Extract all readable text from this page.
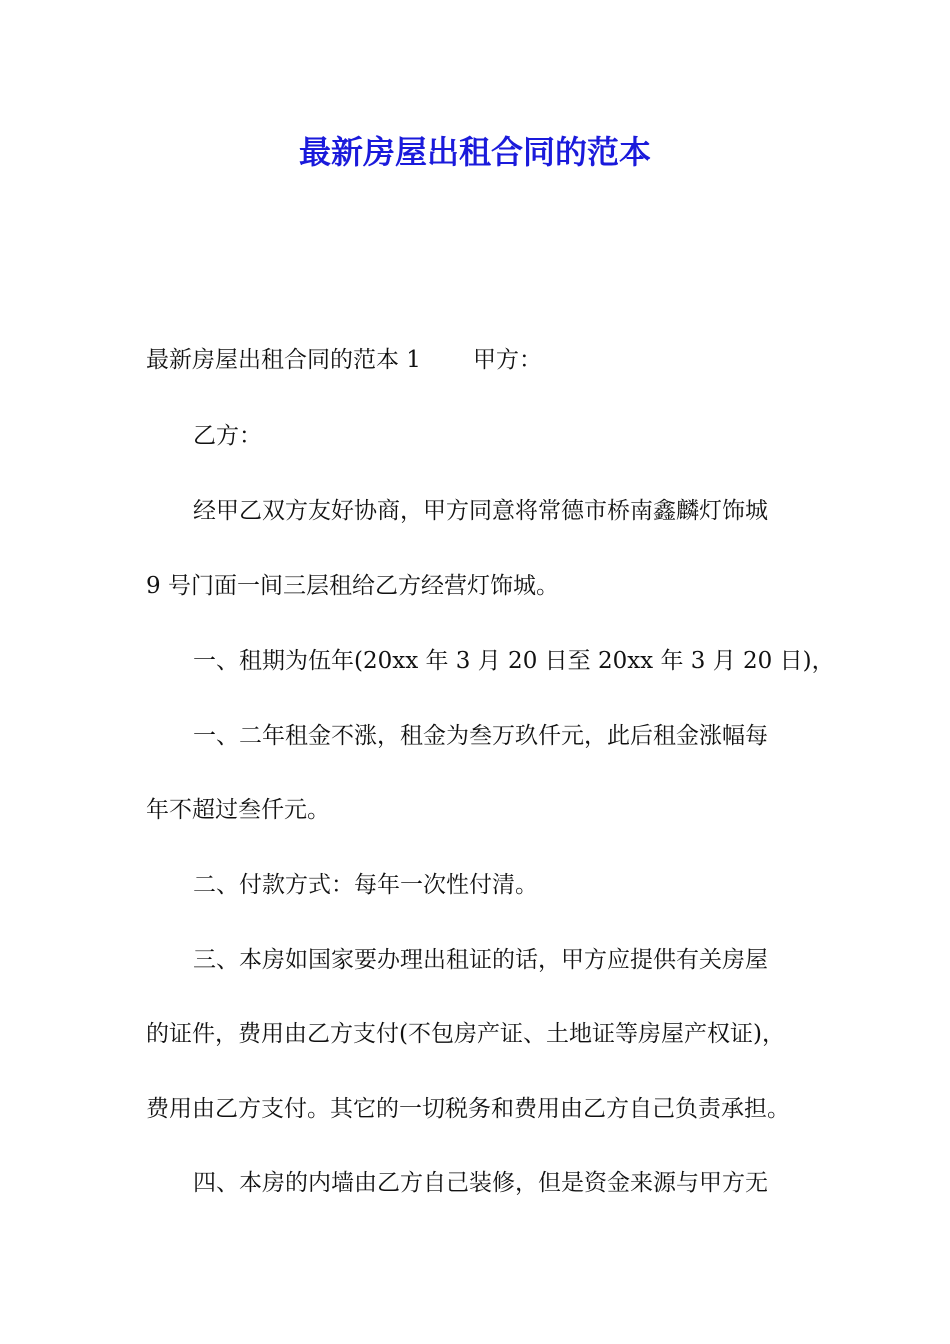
最新房屋出租合同的范本
最新房屋出租合同的范本 1 甲方：
乙方：
经甲乙双方友好协商，甲方同意将常德市桥南鑫麟灯饰城
9 号门面一间三层租给乙方经营灯饰城。
一、租期为伍年(20xx 年 3 月 20 日至 20xx 年 3 月 20 日)，
一、二年租金不涨，租金为叁万玖仟元，此后租金涨幅每
年不超过叁仟元。
二、付款方式：每年一次性付清。
三、本房如国家要办理出租证的话，甲方应提供有关房屋
的证件，费用由乙方支付(不包房产证、土地证等房屋产权证)，
费用由乙方支付。其它的一切税务和费用由乙方自己负责承担。
四、本房的内墙由乙方自己装修，但是资金来源与甲方无
